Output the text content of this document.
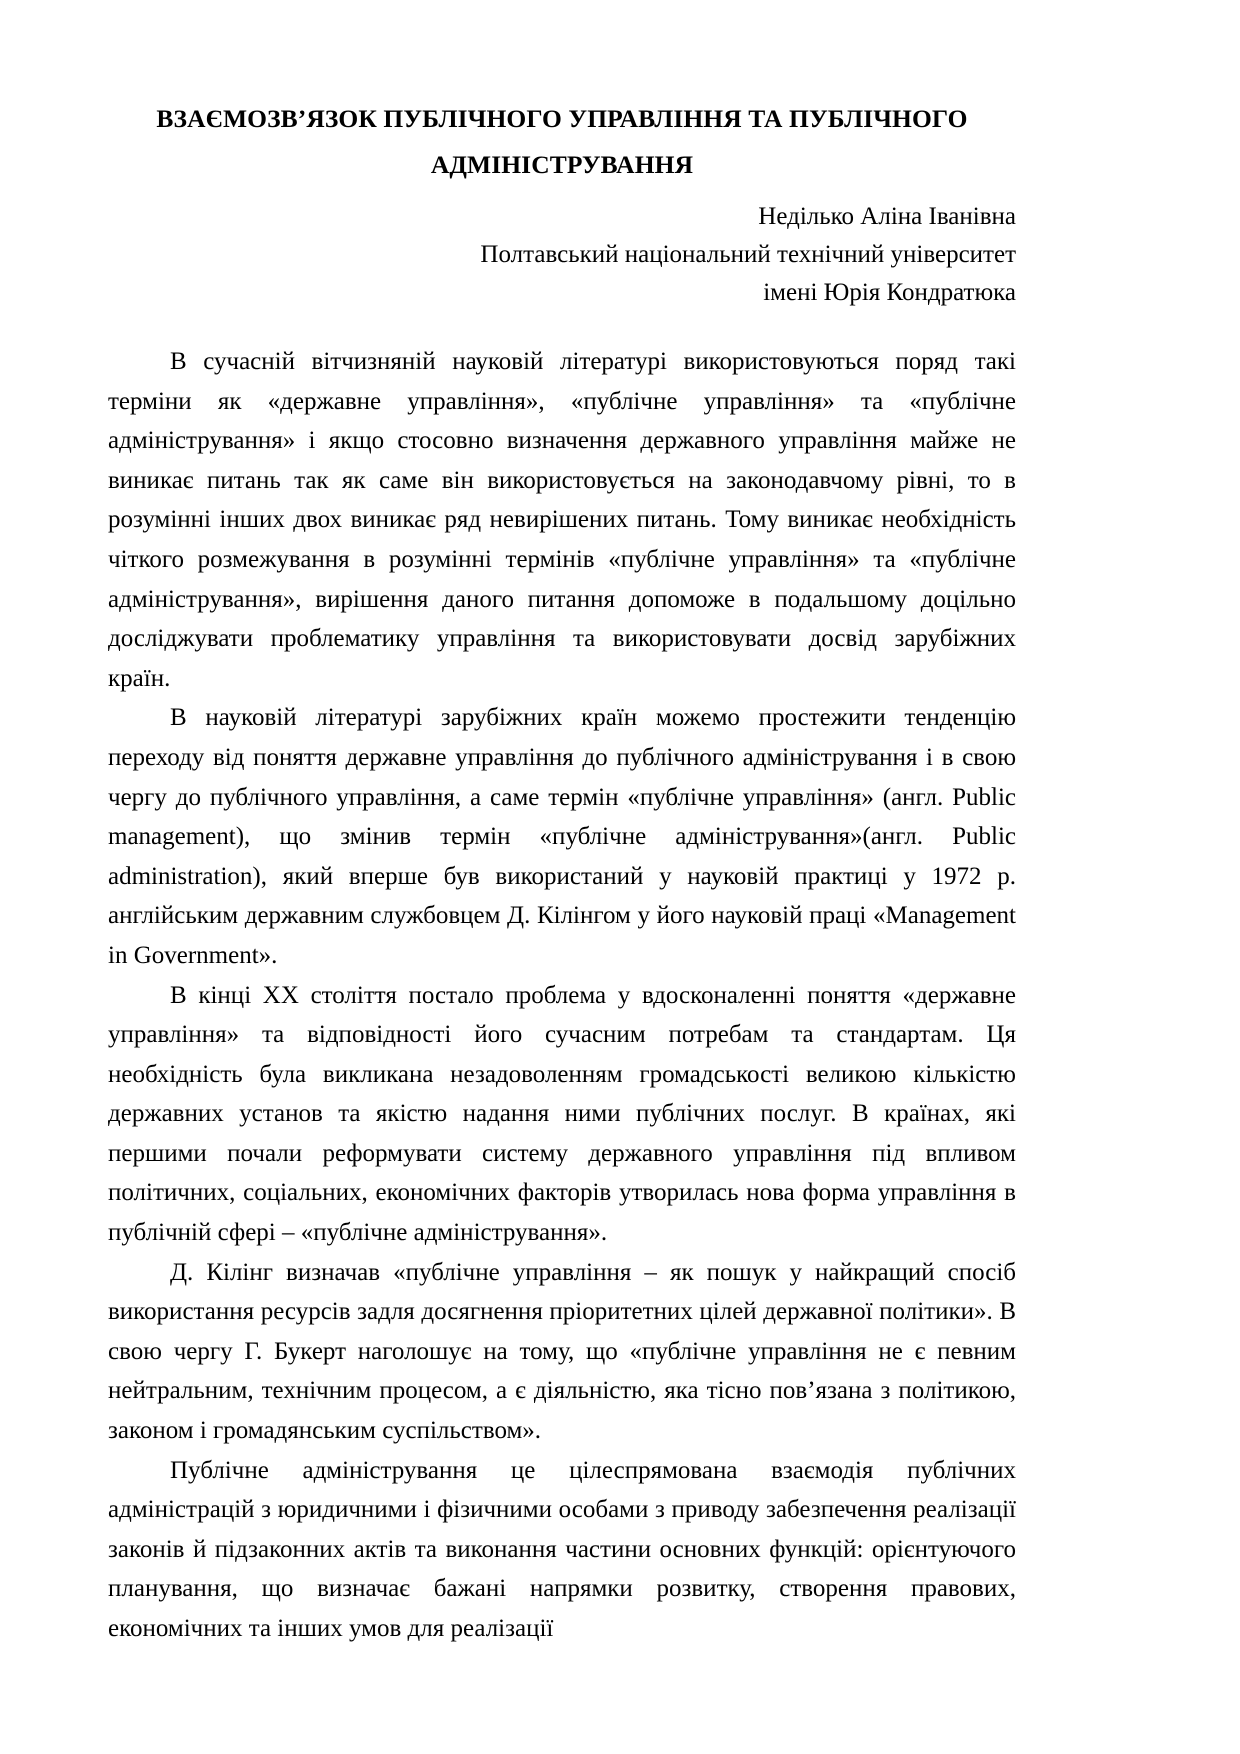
ВЗАЄМОЗВ’ЯЗОК ПУБЛІЧНОГО УПРАВЛІННЯ ТА ПУБЛІЧНОГО АДМІНІСТРУВАННЯ
Неділько Аліна Іванівна
Полтавський національний технічний університет
імені Юрія Кондратюка

В сучасній вітчизняній науковій літературі використовуються поряд такі терміни як «державне управління», «публічне управління» та «публічне адміністрування» і якщо стосовно визначення державного управління майже не виникає питань так як саме він використовується на законодавчому рівні, то в розумінні інших двох виникає ряд невирішених питань. Тому виникає необхідність чіткого розмежування в розумінні термінів «публічне управління» та «публічне адміністрування», вирішення даного питання допоможе в подальшому доцільно досліджувати проблематику управління та використовувати досвід зарубіжних країн.

В науковій літературі зарубіжних країн можемо простежити тенденцію переходу від поняття державне управління до публічного адміністрування і в свою чергу до публічного управління, а саме термін «публічне управління» (англ. Public management), що змінив термін «публічне адміністрування»(англ. Public administration), який вперше був використаний у науковій практиці у 1972 р. англійським державним службовцем Д. Кілінгом у його науковій праці «Management in Government».

В кінці XX століття постало проблема у вдосконаленні поняття «державне управління» та відповідності його сучасним потребам та стандартам. Ця необхідність була викликана незадоволенням громадськості великою кількістю державних установ та якістю надання ними публічних послуг. В країнах, які першими почали реформувати систему державного управління під впливом політичних, соціальних, економічних факторів утворилась нова форма управління в публічній сфері – «публічне адміністрування».

Д. Кілінг визначав «публічне управління – як пошук у найкращий спосіб використання ресурсів задля досягнення пріоритетних цілей державної політики». В свою чергу Г. Букерт наголошує на тому, що «публічне управління не є певним нейтральним, технічним процесом, а є діяльністю, яка тісно пов’язана з політикою, законом і громадянським суспільством».

Публічне адміністрування це цілеспрямована взаємодія публічних адміністрацій з юридичними і фізичними особами з приводу забезпечення реалізації законів й підзаконних актів та виконання частини основних функцій: орієнтуючого планування, що визначає бажані напрямки розвитку, створення правових, економічних та інших умов для реалізації
